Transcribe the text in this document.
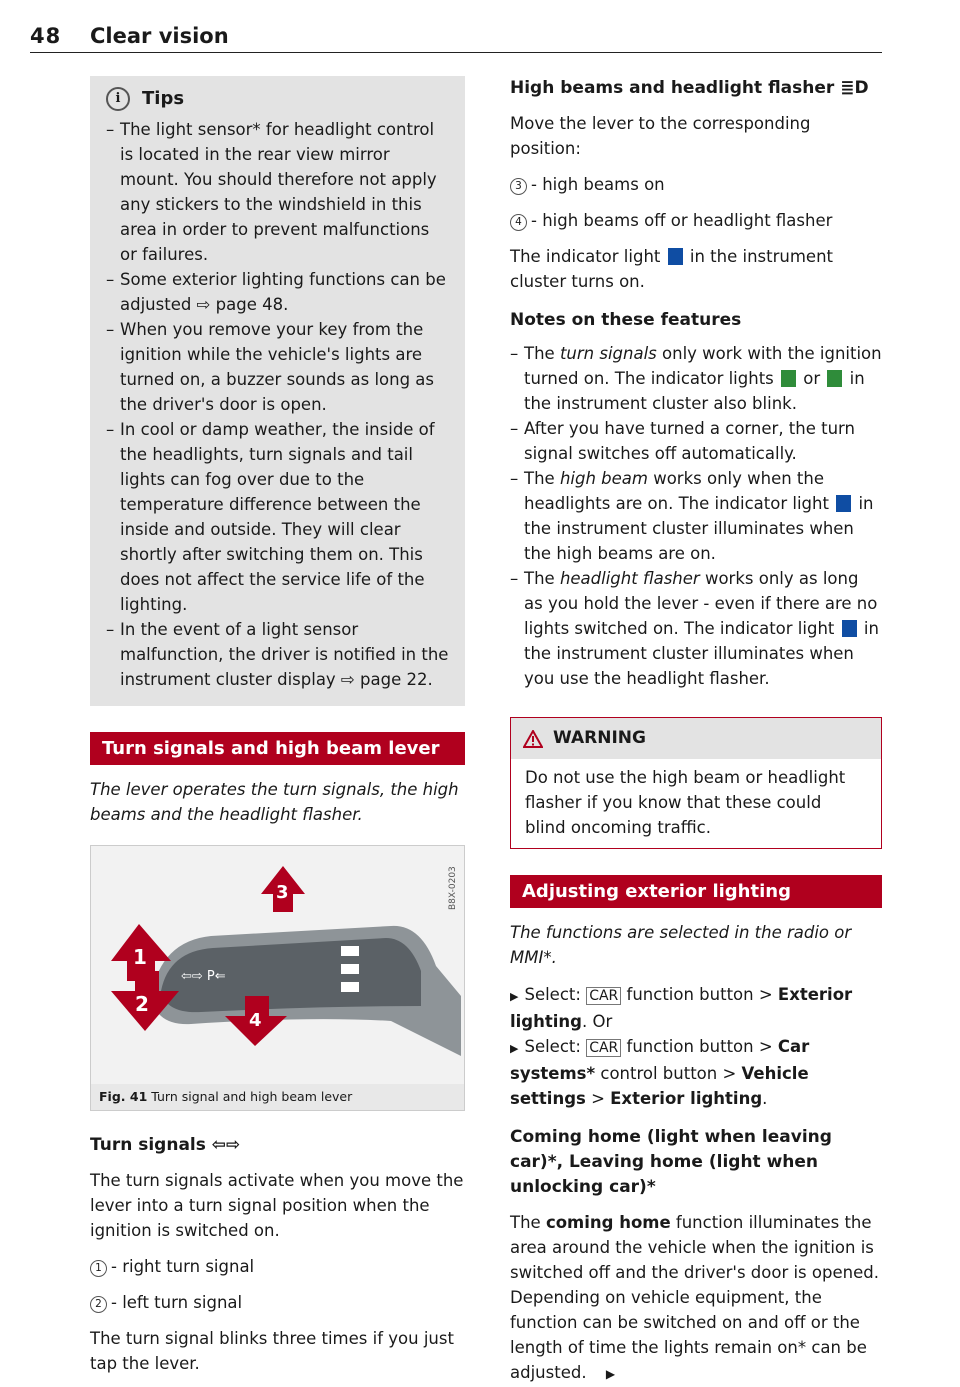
48 Clear vision
i	Tips

– The light sensor* for headlight control is located in the rear view mirror mount. You should therefore not apply any stickers to the windshield in this area in order to prevent malfunctions or failures.

– Some exterior lighting functions can be adjusted ⇨ page 48.

– When you remove your key from the ignition while the vehicle's lights are turned on, a buzzer sounds as long as the driver's door is open.

– In cool or damp weather, the inside of the headlights, turn signals and tail lights can fog over due to the temperature difference between the inside and outside. They will clear shortly after switching them on. This does not affect the service life of the lighting.

– In the event of a light sensor malfunction, the driver is notified in the instrument cluster display ⇨ page 22.

Turn signals and high beam lever

The lever operates the turn signals, the high beams and the headlight flasher.

⇦⇨ P⇐
1
2
3
4
B8X-0203
Fig. 41 Turn signal and high beam lever

Turn signals ⇦⇨

The turn signals activate when you move the lever into a turn signal position when the ignition is switched on.

1 - right turn signal

2 - left turn signal

The turn signal blinks three times if you just tap the lever.

High beams and headlight flasher ≣D

Move the lever to the corresponding position:

3 - high beams on

4 - high beams off or headlight flasher

The indicator light in the instrument cluster turns on.

Notes on these features

– The turn signals only work with the ignition turned on. The indicator lights or in the instrument cluster also blink.

– After you have turned a corner, the turn signal switches off automatically.

– The high beam works only when the headlights are on. The indicator light in the instrument cluster illuminates when the high beams are on.

– The headlight flasher works only as long as you hold the lever - even if there are no lights switched on. The indicator light in the instrument cluster illuminates when you use the headlight flasher.

WARNING

Do not use the high beam or headlight flasher if you know that these could blind oncoming traffic.

Adjusting exterior lighting

The functions are selected in the radio or MMI*.

▶ Select: CAR function button > Exterior lighting. Or

▶ Select: CAR function button > Car systems* control button > Vehicle settings > Exterior lighting.

Coming home (light when leaving car)*, Leaving home (light when unlocking car)*

The coming home function illuminates the area around the vehicle when the ignition is switched off and the driver's door is opened. Depending on vehicle equipment, the function can be switched on and off or the length of time the lights remain on* can be adjusted. ▶
